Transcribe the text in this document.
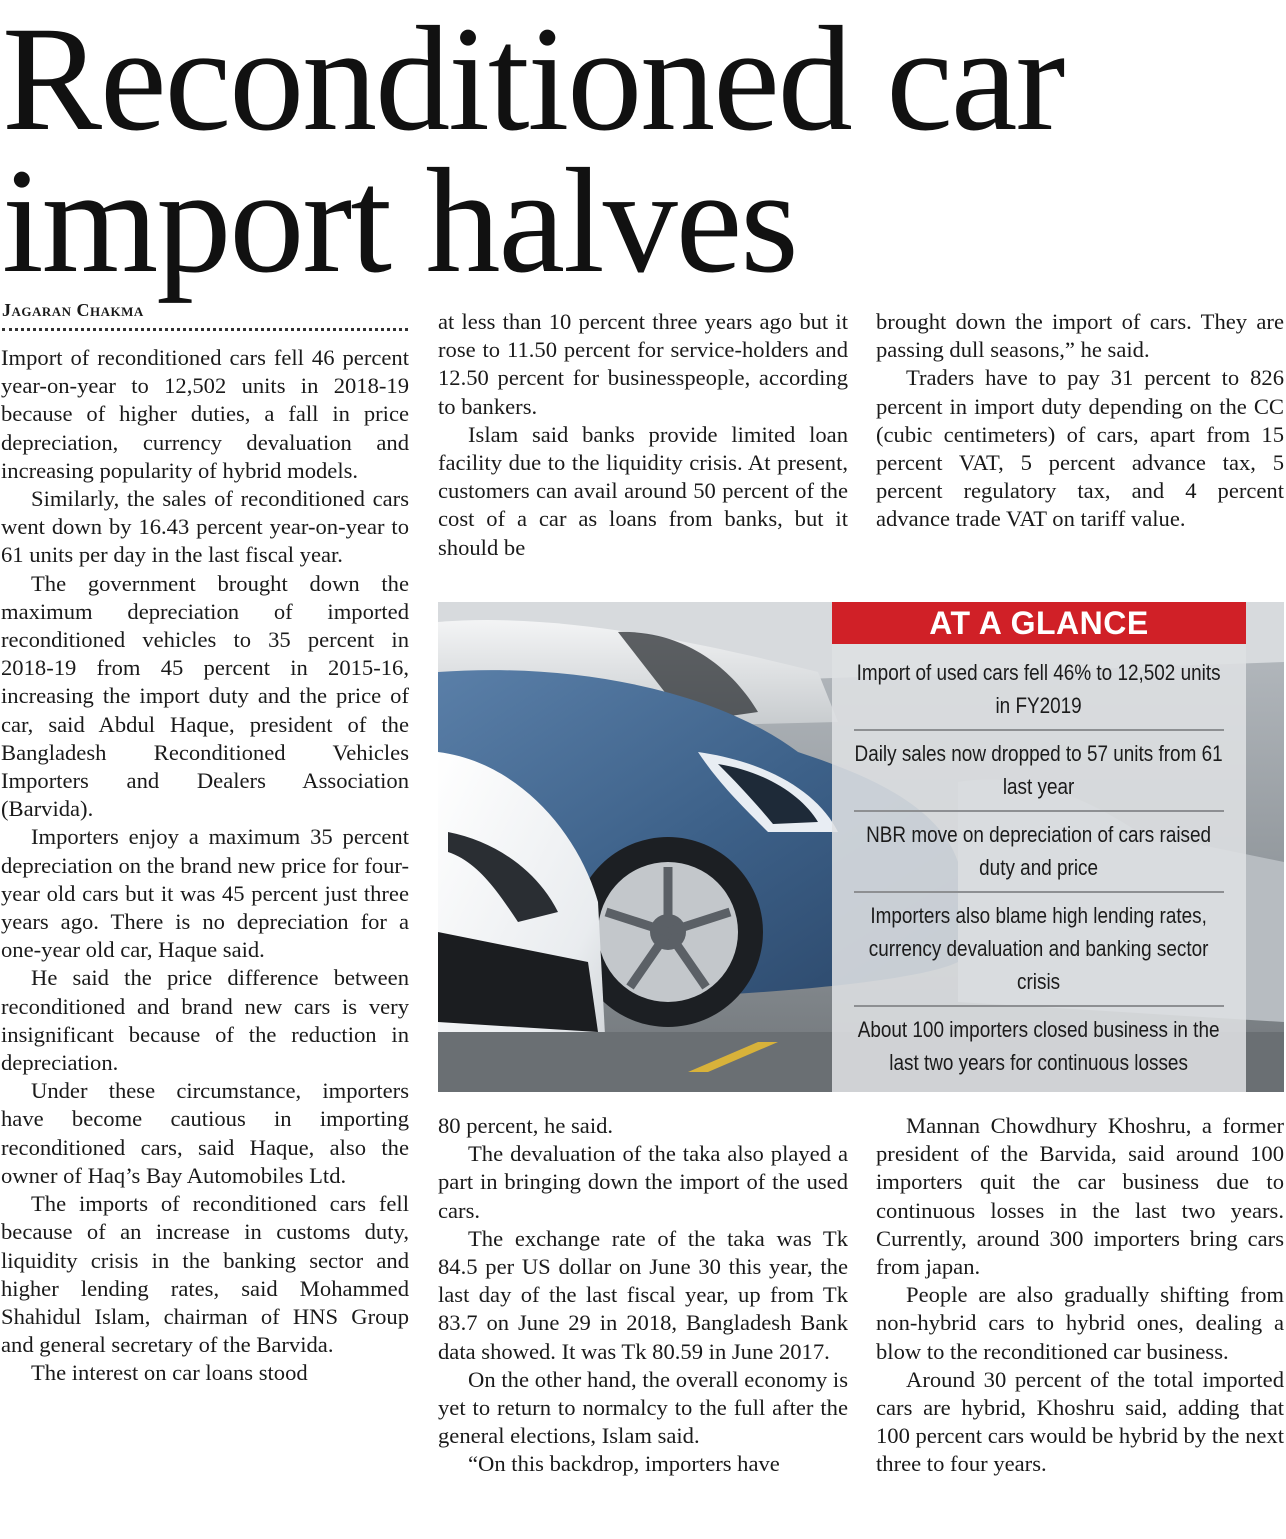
Reconditioned car import halves
Jagaran Chakma

Import of reconditioned cars fell 46 percent year-on-year to 12,502 units in 2018-19 because of higher duties, a fall in price depreciation, currency devaluation and increasing popularity of hybrid models.

Similarly, the sales of reconditioned cars went down by 16.43 percent year-on-year to 61 units per day in the last fiscal year.

The government brought down the maximum depreciation of imported reconditioned vehicles to 35 percent in 2018-19 from 45 percent in 2015-16, increasing the import duty and the price of car, said Abdul Haque, president of the Bangladesh Reconditioned Vehicles Importers and Dealers Association (Barvida).

Importers enjoy a maximum 35 percent depreciation on the brand new price for four-year old cars but it was 45 percent just three years ago. There is no depreciation for a one-year old car, Haque said.

He said the price difference between reconditioned and brand new cars is very insignificant because of the reduction in depreciation.

Under these circumstance, importers have become cautious in importing reconditioned cars, said Haque, also the owner of Haq’s Bay Automobiles Ltd.

The imports of reconditioned cars fell because of an increase in customs duty, liquidity crisis in the banking sector and higher lending rates, said Mohammed Shahidul Islam, chairman of HNS Group and general secretary of the Barvida.

The interest on car loans stood

at less than 10 percent three years ago but it rose to 11.50 percent for service-holders and 12.50 percent for businesspeople, according to bankers.

Islam said banks provide limited loan facility due to the liquidity crisis. At present, customers can avail around 50 percent of the cost of a car as loans from banks, but it should be

brought down the import of cars. They are passing dull seasons,” he said.

Traders have to pay 31 percent to 826 percent in import duty depending on the CC (cubic centimeters) of cars, apart from 15 percent VAT, 5 percent advance tax, 5 percent regulatory tax, and 4 percent advance trade VAT on tariff value.

AT A GLANCE
Import of used cars fell 46% to 12,502 units in FY2019
Daily sales now dropped to 57 units from 61 last year
NBR move on depreciation of cars raised duty and price
Importers also blame high lending rates, currency devaluation and banking sector crisis
About 100 importers closed business in the last two years for continuous losses

80 percent, he said.

The devaluation of the taka also played a part in bringing down the import of the used cars.

The exchange rate of the taka was Tk 84.5 per US dollar on June 30 this year, the last day of the last fiscal year, up from Tk 83.7 on June 29 in 2018, Bangladesh Bank data showed. It was Tk 80.59 in June 2017.

On the other hand, the overall economy is yet to return to normalcy to the full after the general elections, Islam said.

“On this backdrop, importers have

Mannan Chowdhury Khoshru, a former president of the Barvida, said around 100 importers quit the car business due to continuous losses in the last two years. Currently, around 300 importers bring cars from japan.

People are also gradually shifting from non-hybrid cars to hybrid ones, dealing a blow to the reconditioned car business.

Around 30 percent of the total imported cars are hybrid, Khoshru said, adding that 100 percent cars would be hybrid by the next three to four years.
